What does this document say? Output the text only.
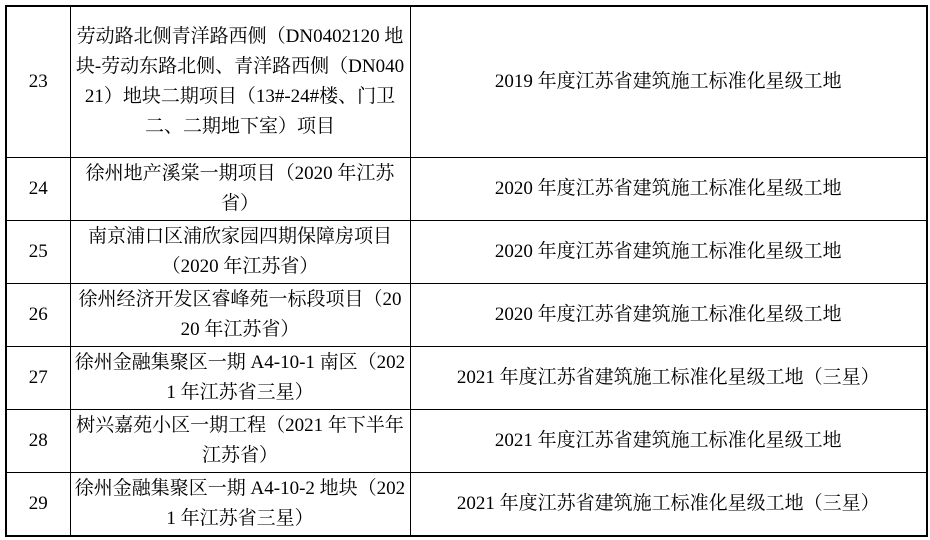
23	劳动路北侧青洋路西侧（DN0402120 地块-劳动东路北侧、青洋路西侧（DN04021）地块二期项目（13#-24#楼、门卫二、二期地下室）项目	2019 年度江苏省建筑施工标准化星级工地
24	徐州地产溪棠一期项目（2020 年江苏省）	2020 年度江苏省建筑施工标准化星级工地
25	南京浦口区浦欣家园四期保障房项目（2020 年江苏省）	2020 年度江苏省建筑施工标准化星级工地
26	徐州经济开发区睿峰苑一标段项目（2020 年江苏省）	2020 年度江苏省建筑施工标准化星级工地
27	徐州金融集聚区一期 A4-10-1 南区（2021 年江苏省三星）	2021 年度江苏省建筑施工标准化星级工地（三星）
28	树兴嘉苑小区一期工程（2021 年下半年江苏省）	2021 年度江苏省建筑施工标准化星级工地
29	徐州金融集聚区一期 A4-10-2 地块（2021 年江苏省三星）	2021 年度江苏省建筑施工标准化星级工地（三星）
